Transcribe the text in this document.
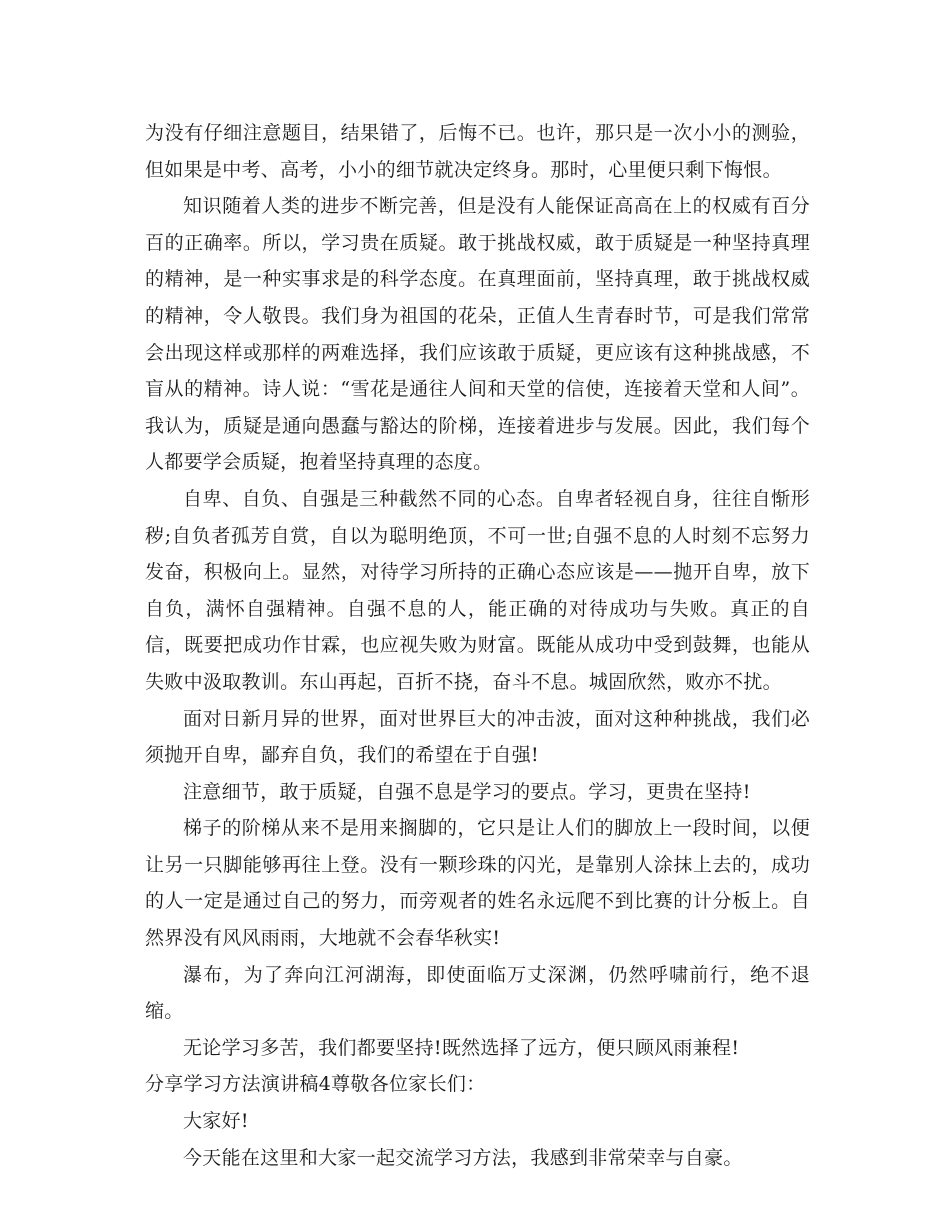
为没有仔细注意题目，结果错了，后悔不已。也许，那只是一次小小的测验，但如果是中考、高考，小小的细节就决定终身。那时，心里便只剩下悔恨。

知识随着人类的进步不断完善，但是没有人能保证高高在上的权威有百分百的正确率。所以，学习贵在质疑。敢于挑战权威，敢于质疑是一种坚持真理的精神，是一种实事求是的科学态度。在真理面前，坚持真理，敢于挑战权威的精神，令人敬畏。我们身为祖国的花朵，正值人生青春时节，可是我们常常会出现这样或那样的两难选择，我们应该敢于质疑，更应该有这种挑战感，不盲从的精神。诗人说：“雪花是通往人间和天堂的信使，连接着天堂和人间”。我认为，质疑是通向愚蠢与豁达的阶梯，连接着进步与发展。因此，我们每个人都要学会质疑，抱着坚持真理的态度。

自卑、自负、自强是三种截然不同的心态。自卑者轻视自身，往往自惭形秽;自负者孤芳自赏，自以为聪明绝顶，不可一世;自强不息的人时刻不忘努力发奋，积极向上。显然，对待学习所持的正确心态应该是——抛开自卑，放下自负，满怀自强精神。自强不息的人，能正确的对待成功与失败。真正的自信，既要把成功作甘霖，也应视失败为财富。既能从成功中受到鼓舞，也能从失败中汲取教训。东山再起，百折不挠，奋斗不息。城固欣然，败亦不扰。

面对日新月异的世界，面对世界巨大的冲击波，面对这种种挑战，我们必须抛开自卑，鄙弃自负，我们的希望在于自强!

注意细节，敢于质疑，自强不息是学习的要点。学习，更贵在坚持!

梯子的阶梯从来不是用来搁脚的，它只是让人们的脚放上一段时间，以便让另一只脚能够再往上登。没有一颗珍珠的闪光，是靠别人涂抹上去的，成功的人一定是通过自己的努力，而旁观者的姓名永远爬不到比赛的计分板上。自然界没有风风雨雨，大地就不会春华秋实!

瀑布，为了奔向江河湖海，即使面临万丈深渊，仍然呼啸前行，绝不退缩。

无论学习多苦，我们都要坚持!既然选择了远方，便只顾风雨兼程!

分享学习方法演讲稿4尊敬各位家长们：

大家好!

今天能在这里和大家一起交流学习方法，我感到非常荣幸与自豪。
